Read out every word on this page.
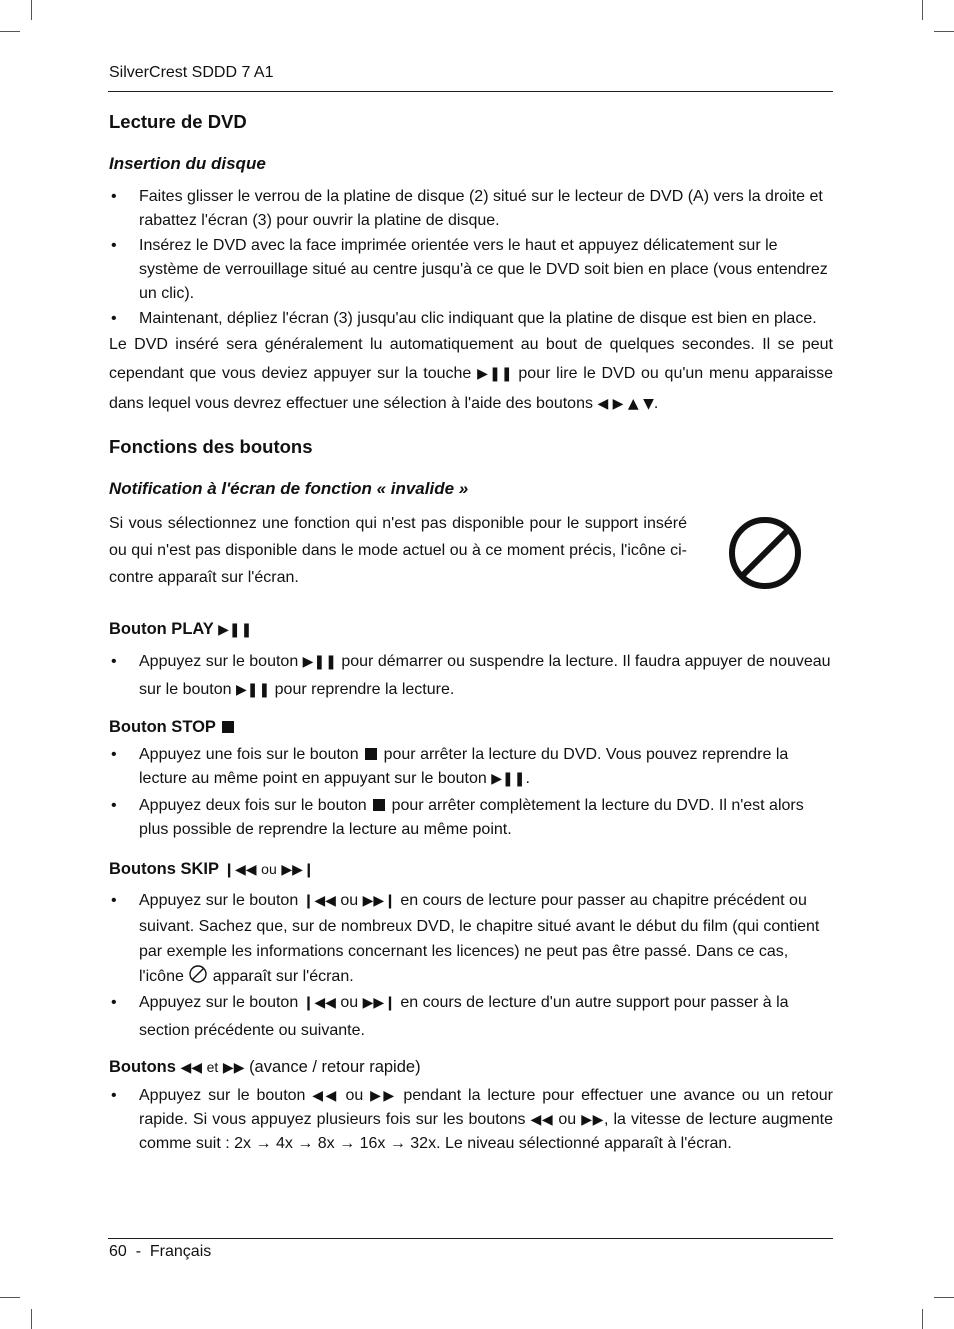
SilverCrest SDDD 7 A1
Lecture de DVD
Insertion du disque
• Faites glisser le verrou de la platine de disque (2) situé sur le lecteur de DVD (A) vers la droite et rabattez l'écran (3) pour ouvrir la platine de disque.
• Insérez le DVD avec la face imprimée orientée vers le haut et appuyez délicatement sur le système de verrouillage situé au centre jusqu'à ce que le DVD soit bien en place (vous entendrez un clic).
• Maintenant, dépliez l'écran (3) jusqu'au clic indiquant que la platine de disque est bien en place.

Le DVD inséré sera généralement lu automatiquement au bout de quelques secondes. Il se peut cependant que vous deviez appuyer sur la touche ▶❚❚ pour lire le DVD ou qu'un menu apparaisse dans lequel vous devrez effectuer une sélection à l'aide des boutons ◀ ▶ ▲ ▼.

Fonctions des boutons
Notification à l'écran de fonction « invalide »

Si vous sélectionnez une fonction qui n'est pas disponible pour le support inséré ou qui n'est pas disponible dans le mode actuel ou à ce moment précis, l'icône ci-contre apparaît sur l'écran.

Bouton PLAY ▶❚❚
• Appuyez sur le bouton ▶❚❚ pour démarrer ou suspendre la lecture. Il faudra appuyer de nouveau sur le bouton ▶❚❚ pour reprendre la lecture.
Bouton STOP
• Appuyez une fois sur le bouton pour arrêter la lecture du DVD. Vous pouvez reprendre la lecture au même point en appuyant sur le bouton ▶❚❚.
• Appuyez deux fois sur le bouton pour arrêter complètement la lecture du DVD. Il n'est alors plus possible de reprendre la lecture au même point.
Boutons SKIP ❙◀◀ ou ▶▶❙
• Appuyez sur le bouton ❙◀◀ ou ▶▶❙ en cours de lecture pour passer au chapitre précédent ou suivant. Sachez que, sur de nombreux DVD, le chapitre situé avant le début du film (qui contient par exemple les informations concernant les licences) ne peut pas être passé. Dans ce cas, l'icône apparaît sur l'écran.
• Appuyez sur le bouton ❙◀◀ ou ▶▶❙ en cours de lecture d'un autre support pour passer à la section précédente ou suivante.
Boutons ◀◀ et ▶▶ (avance / retour rapide)
• Appuyez sur le bouton ◀◀ ou ▶▶ pendant la lecture pour effectuer une avance ou un retour rapide. Si vous appuyez plusieurs fois sur les boutons ◀◀ ou ▶▶, la vitesse de lecture augmente comme suit : 2x → 4x → 8x → 16x → 32x. Le niveau sélectionné apparaît à l'écran.
60  -  Français
